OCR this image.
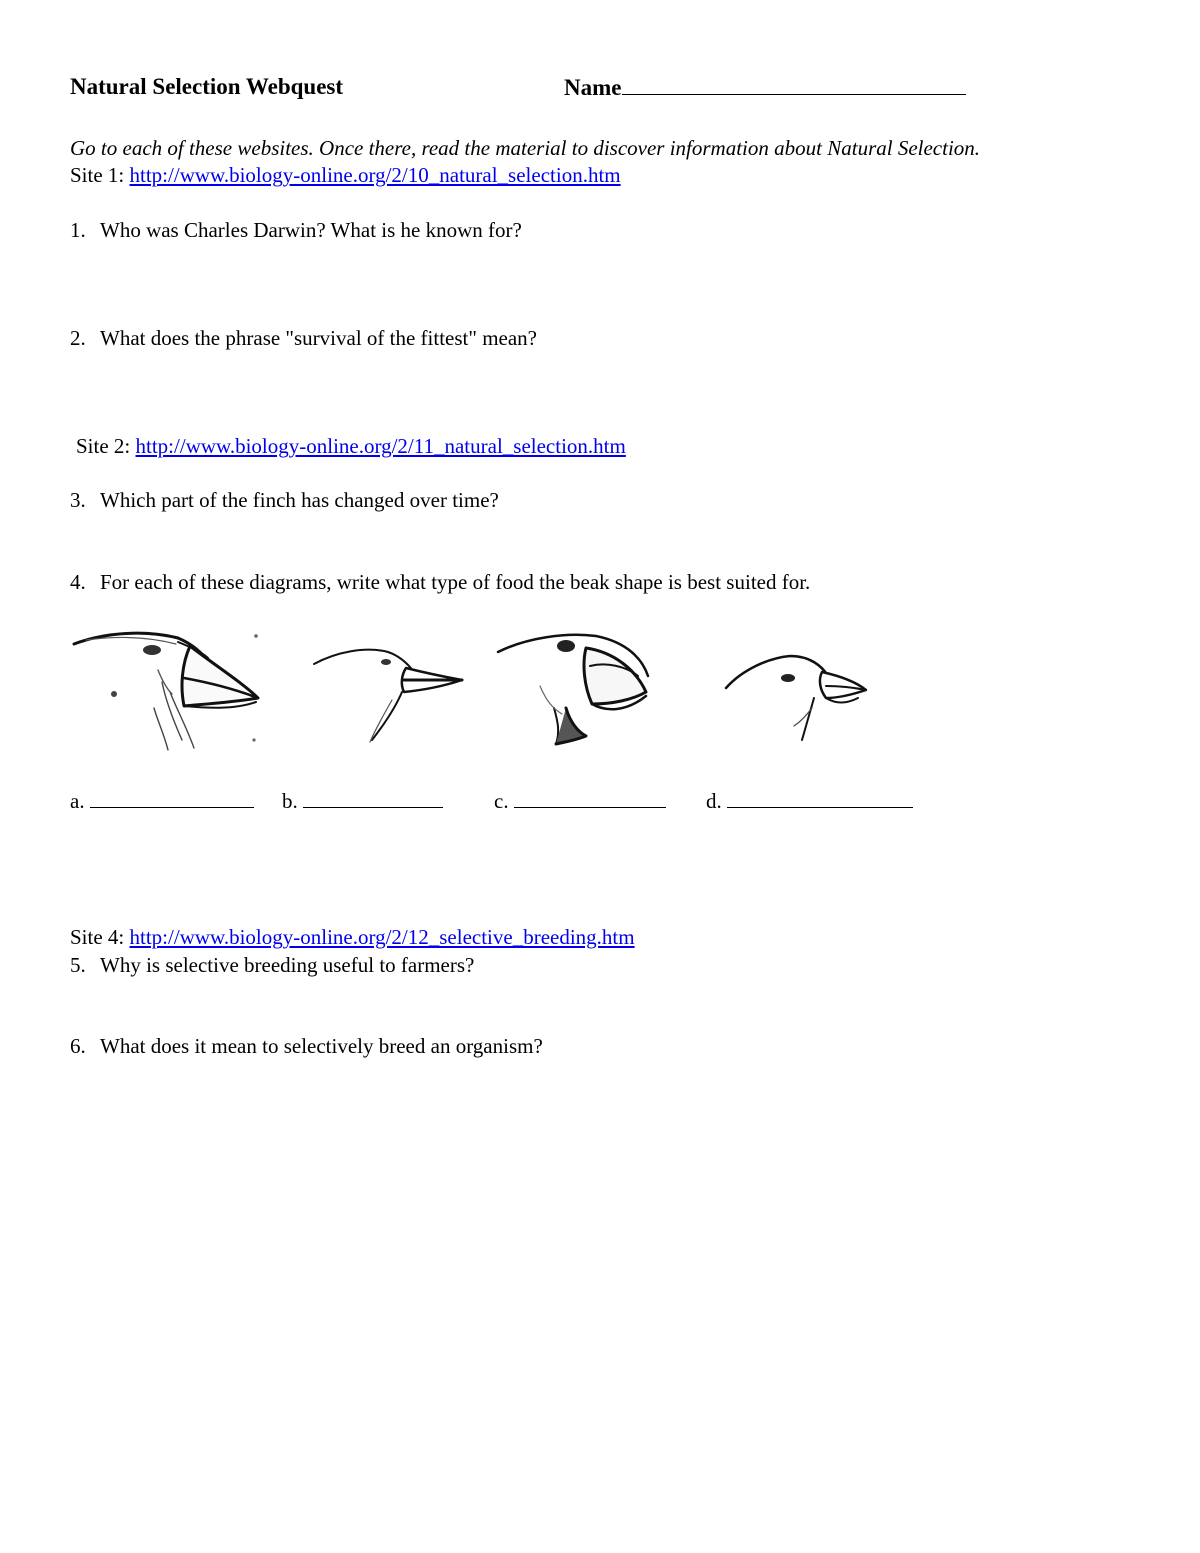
Natural Selection Webquest	Name
Go to each of these websites. Once there, read the material to discover information about Natural Selection.
Site 1: http://www.biology-online.org/2/10_natural_selection.htm
1. Who was Charles Darwin? What is he known for?
2. What does the phrase "survival of the fittest" mean?
Site 2: http://www.biology-online.org/2/11_natural_selection.htm
3. Which part of the finch has changed over time?
4. For each of these diagrams, write what type of food the beak shape is best suited for.
a.	b.	c.	d.
Site 4: http://www.biology-online.org/2/12_selective_breeding.htm
5. Why is selective breeding useful to farmers?
6. What does it mean to selectively breed an organism?
